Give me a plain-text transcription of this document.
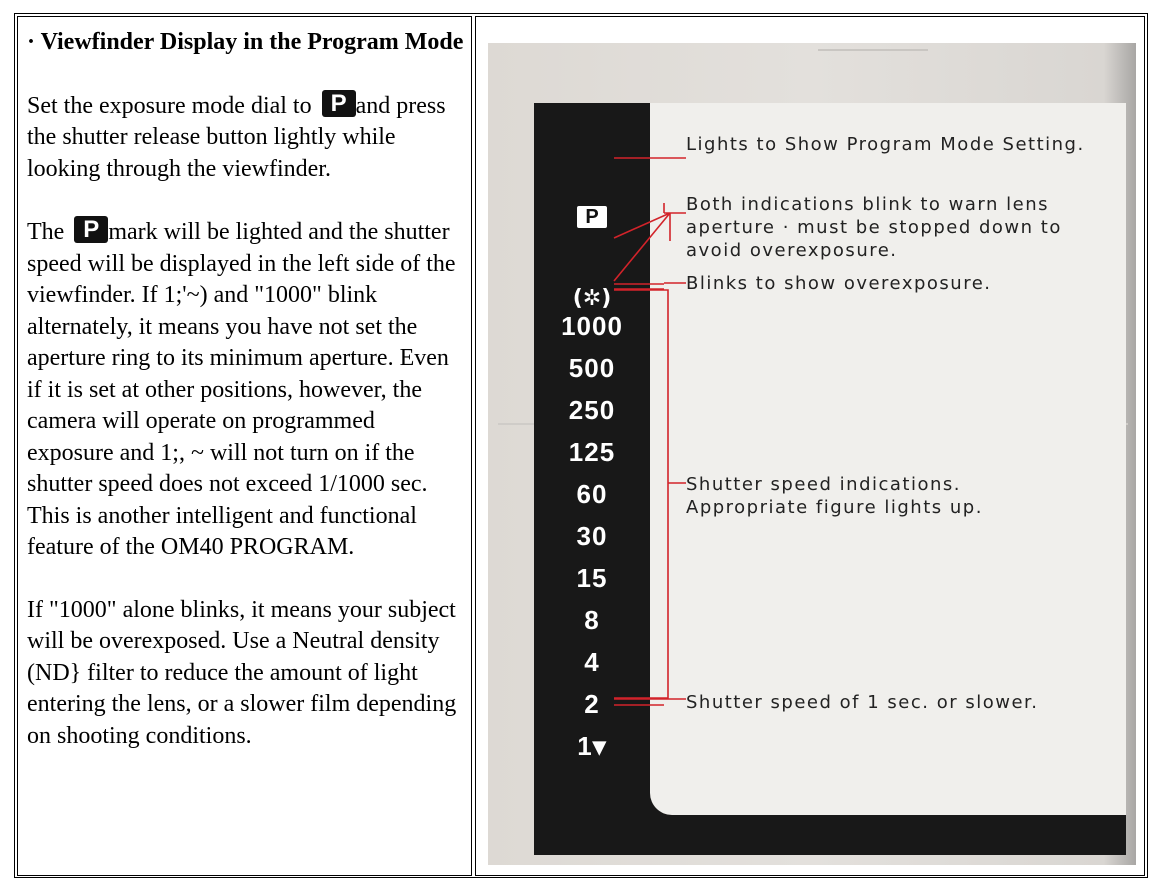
· Viewfinder Display in the Program Mode
Set the exposure mode dial to P and press the shutter release button lightly while looking through the viewfinder.
The P mark will be lighted and the shutter speed will be displayed in the left side of the viewfinder. If 1;'~) and "1000" blink alternately, it means you have not set the aperture ring to its minimum aperture. Even if it is set at other positions, however, the camera will operate on programmed exposure and 1;, ~ will not turn on if the shutter speed does not exceed 1/1000 sec. This is another intelligent and functional feature of the OM40 PROGRAM.
If "1000" alone blinks, it means your subject will be overexposed. Use a Neutral density (ND} filter to reduce the amount of light entering the lens, or a slower film depending on shooting conditions.
P
(✲)
1000
500
250
125
60
30
15
8
4
2
1▾
Lights to Show Program Mode Setting.
Both indications blink to warn lens aperture · must be stopped down to avoid overexposure.
Blinks to show overexposure.
Shutter speed indications. Appropriate figure lights up.
Shutter speed of 1 sec. or slower.
